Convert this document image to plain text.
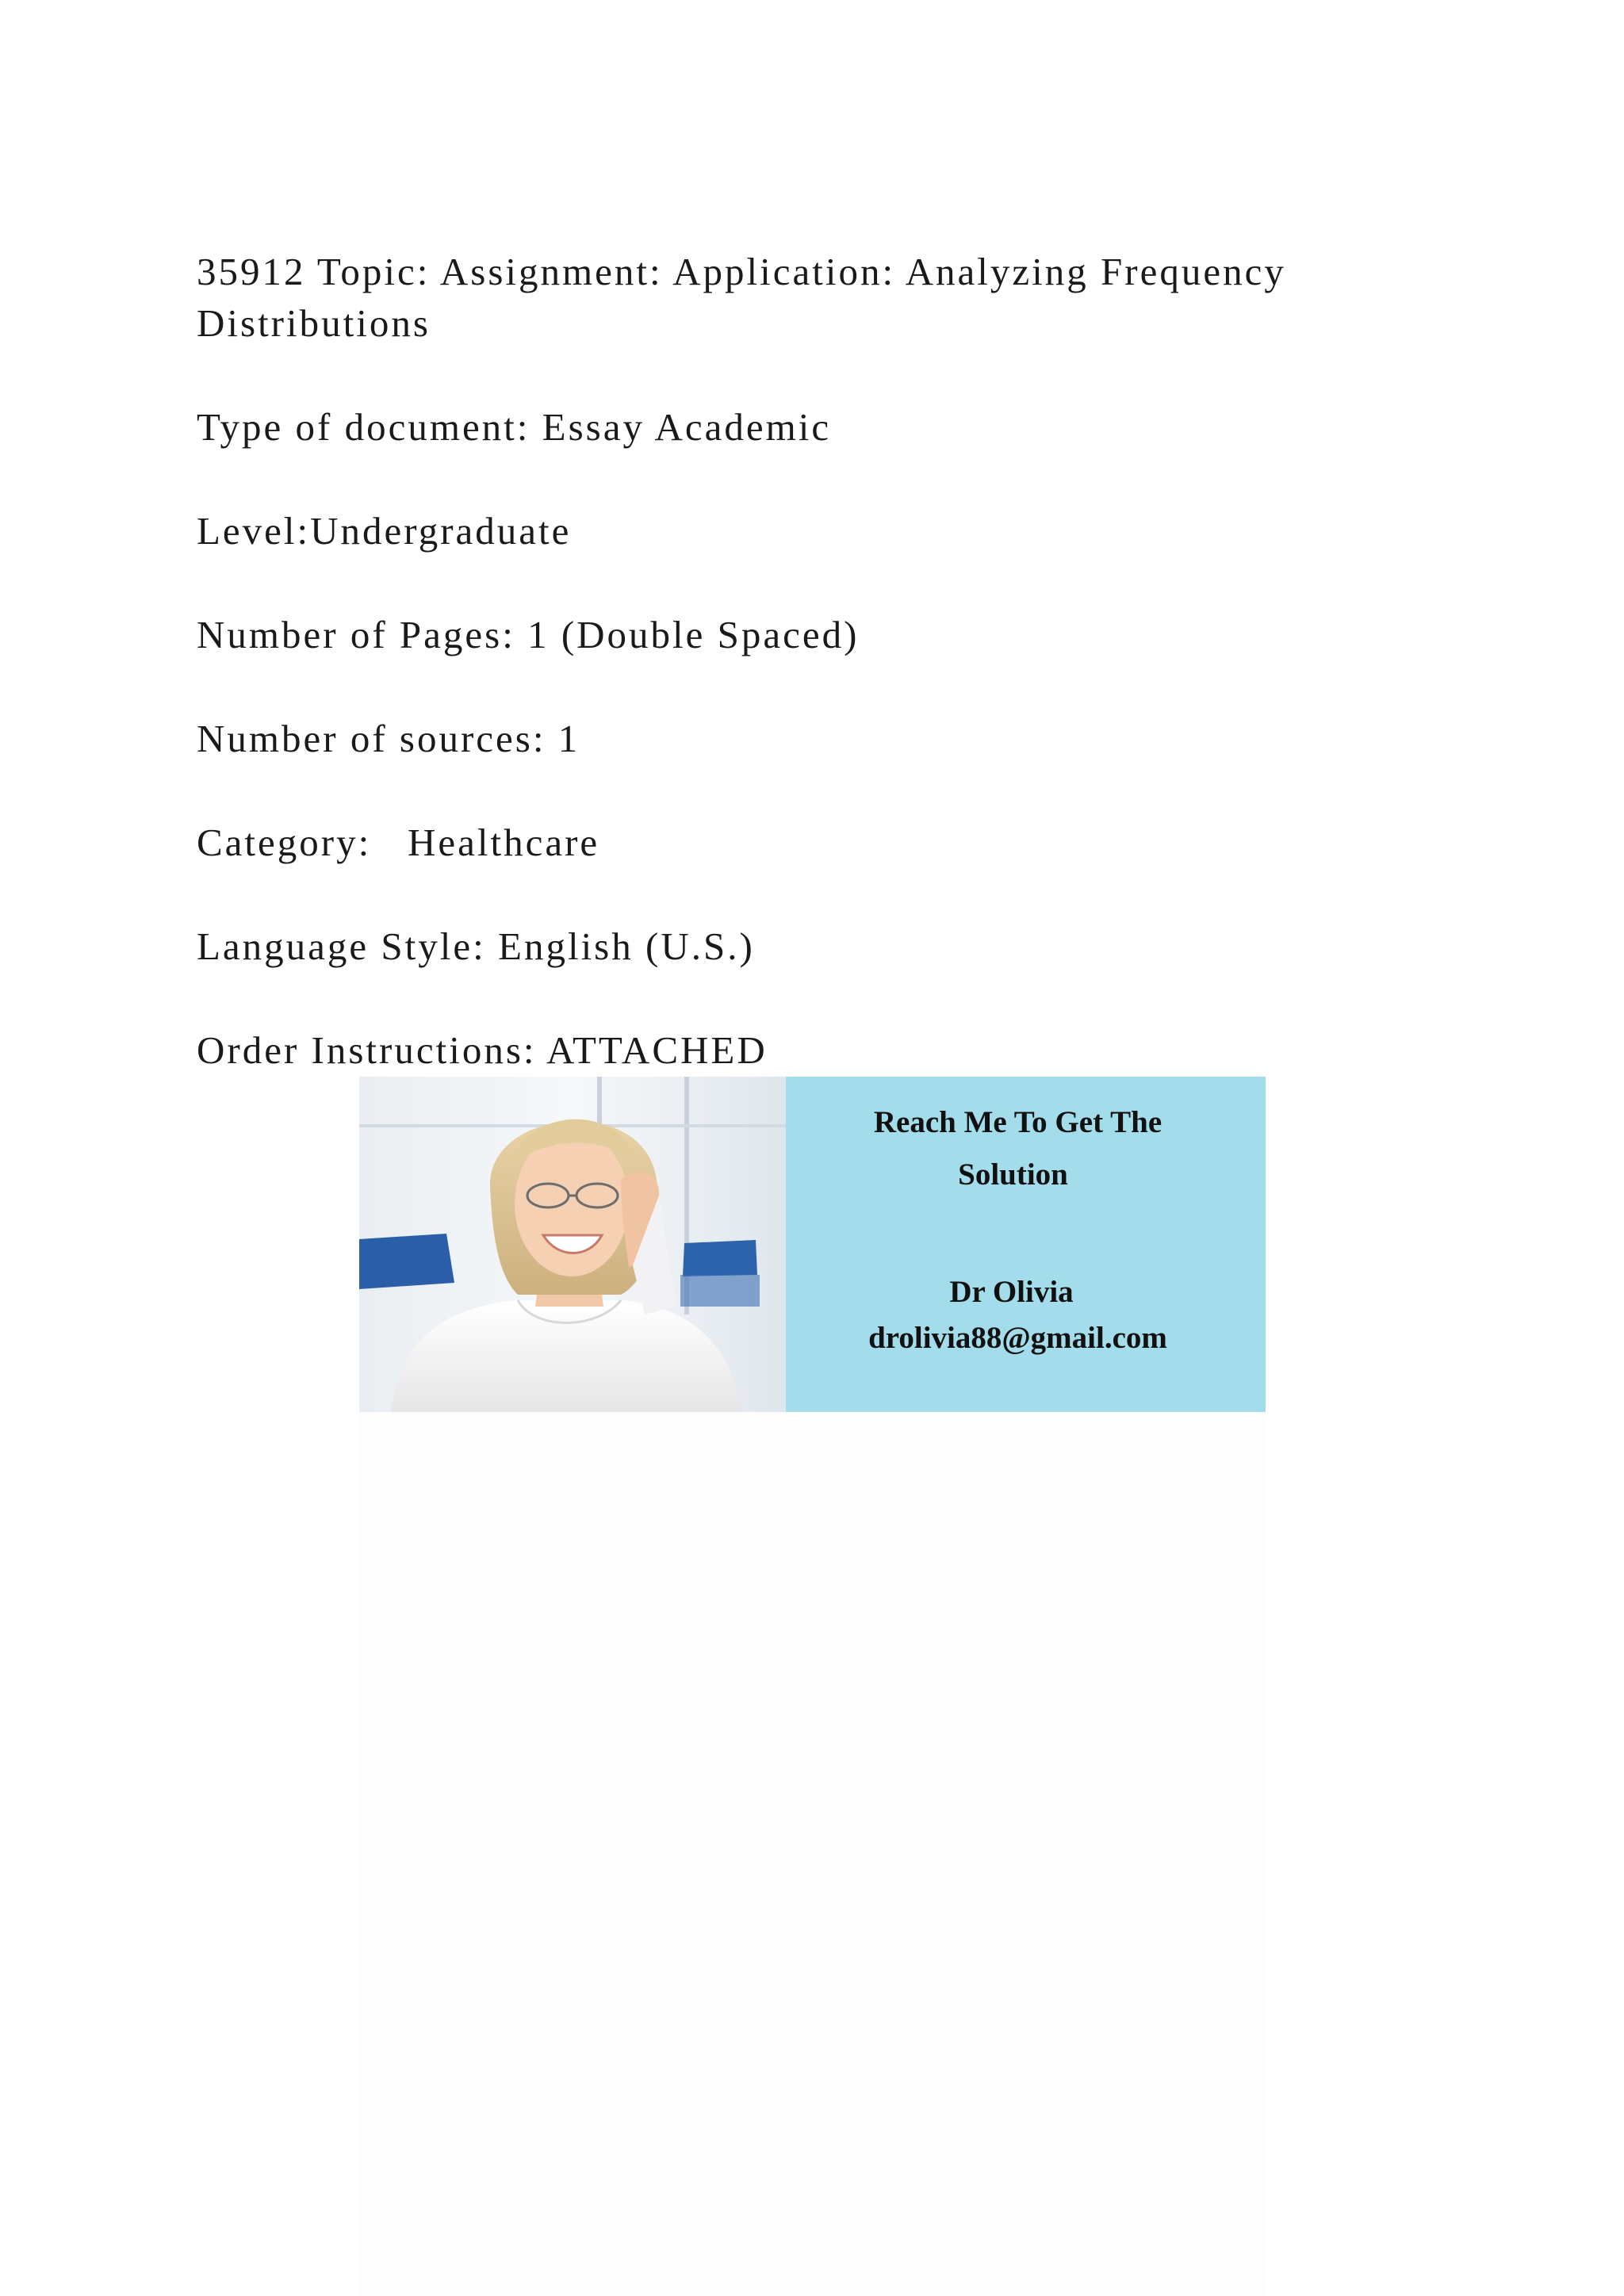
35912 Topic: Assignment: Application: Analyzing Frequency Distributions

Type of document: Essay Academic

Level:Undergraduate

Number of Pages: 1 (Double Spaced)

Number of sources: 1

Category:   Healthcare

Language Style: English (U.S.)

Order Instructions: ATTACHED

Reach Me To Get The
Solution
Dr Olivia
drolivia88@gmail.com
